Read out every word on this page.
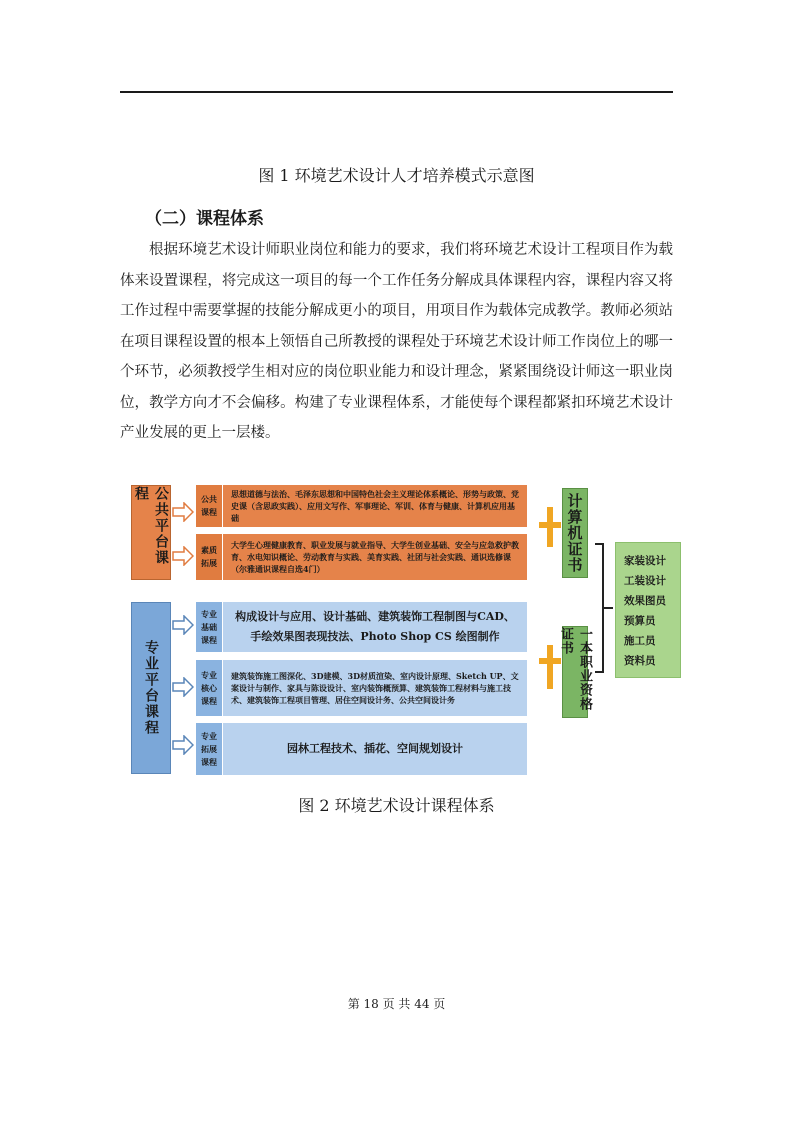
图 1 环境艺术设计人才培养模式示意图
（二）课程体系

根据环境艺术设计师职业岗位和能力的要求，我们将环境艺术设计工程项目作为载体来设置课程，将完成这一项目的每一个工作任务分解成具体课程内容，课程内容又将工作过程中需要掌握的技能分解成更小的项目，用项目作为载体完成教学。教师必须站在项目课程设置的根本上领悟自己所教授的课程处于环境艺术设计师工作岗位上的哪一个环节，必须教授学生相对应的岗位职业能力和设计理念，紧紧围绕设计师这一职业岗位，教学方向才不会偏移。构建了专业课程体系，才能使每个课程都紧扣环境艺术设计产业发展的更上一层楼。

公共平台课程
专业平台课程
公共
课程
思想道德与法治、毛泽东思想和中国特色社会主义理论体系概论、形势与政策、党史课（含思政实践）、应用文写作、军事理论、军训、体育与健康、计算机应用基础
素质
拓展
大学生心理健康教育、职业发展与就业指导、大学生创业基础、安全与应急救护教育、水电知识概论、劳动教育与实践、美育实践、社团与社会实践、通识选修课（尔雅通识课程自选4门）
专业
基础
课程
构成设计与应用、设计基础、建筑装饰工程制图与CAD、手绘效果图表现技法、Photo Shop CS 绘图制作
专业
核心
课程
建筑装饰施工图深化、3D建模、3D材质渲染、室内设计原理、Sketch UP、文案设计与制作、家具与陈设设计、室内装饰概预算、建筑装饰工程材料与施工技术、建筑装饰工程项目管理、居住空间设计务、公共空间设计务
专业
拓展
课程
园林工程技术、插花、空间规划设计
计算机证书
一本职业资格证书
家装设计
工装设计
效果图员
预算员
施工员
资料员
图 2 环境艺术设计课程体系
第 18 页 共 44 页
